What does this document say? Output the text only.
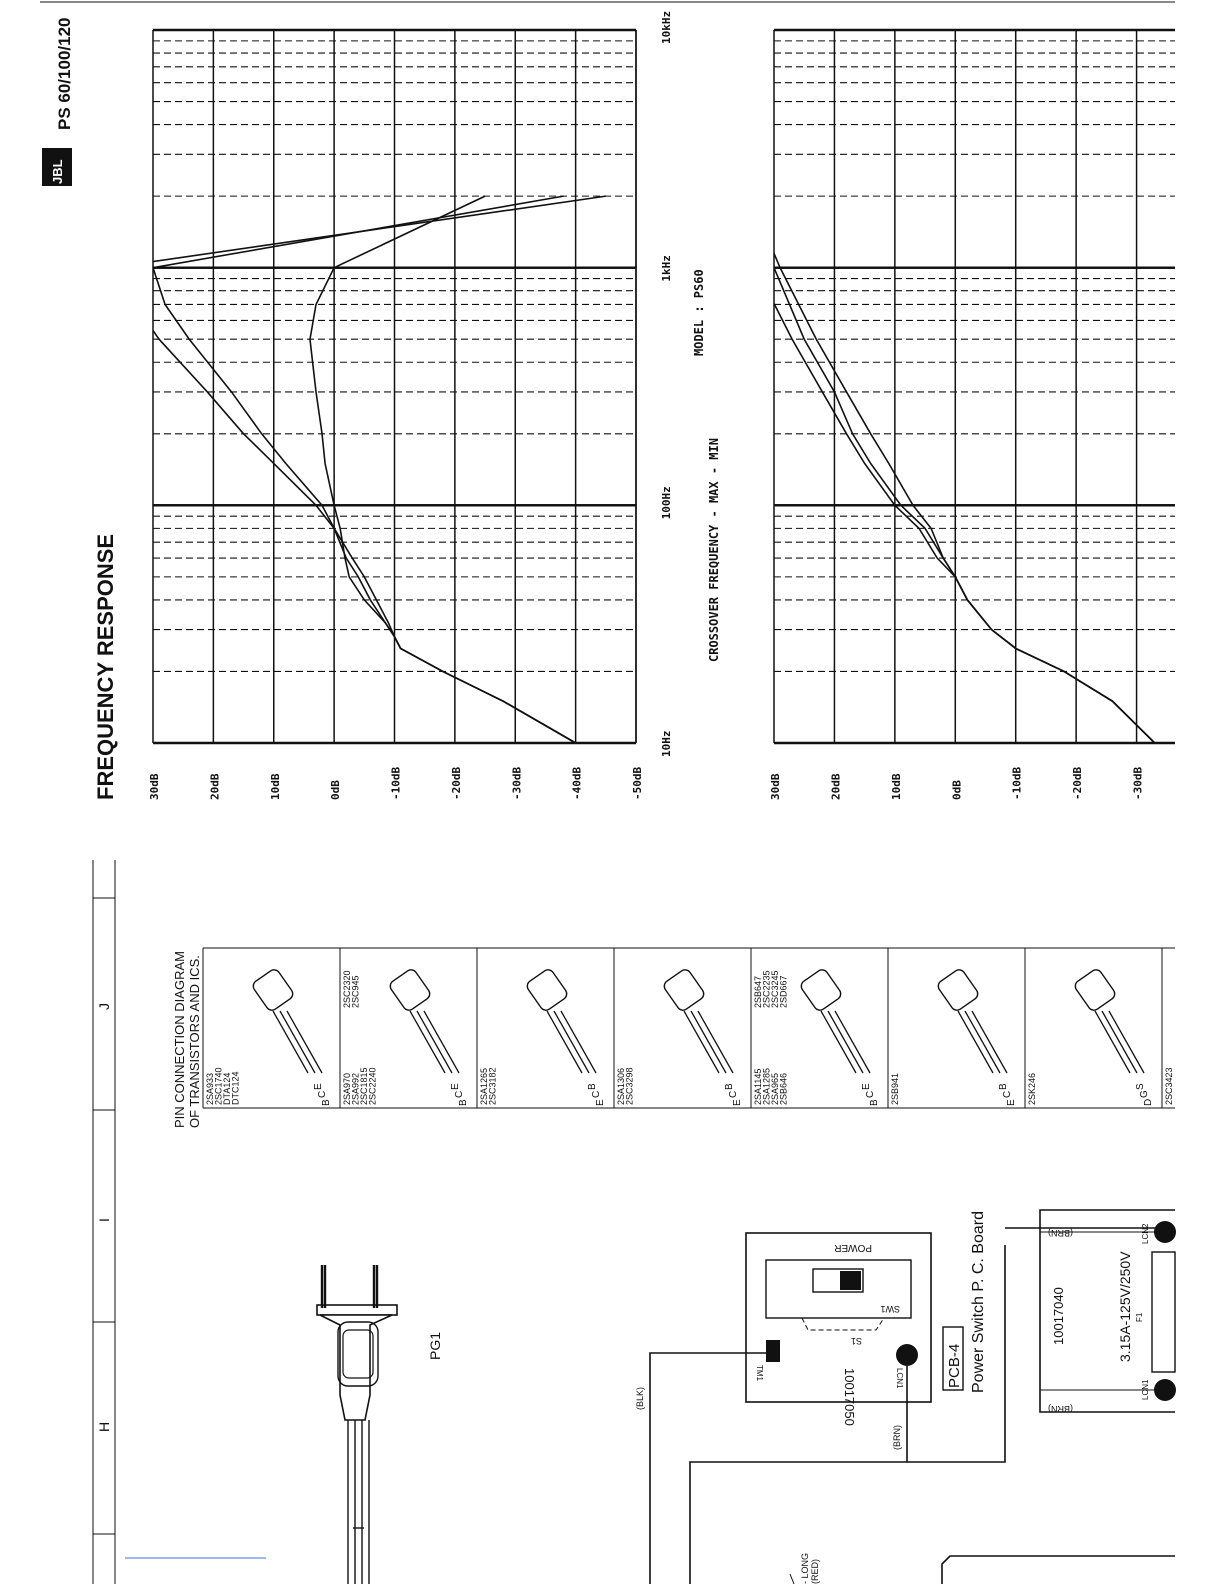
JBL
PS 60/100/120
FREQUENCY RESPONSE	30dB	20dB	10dB	0dB	-10dB	-20dB	-30dB	-40dB	-50dB
10Hz
100Hz
1kHz
10kHz
CROSSOVER FREQUENCY - MAX - MIN
MODEL : PS60
30dB	20dB	10dB	0dB	-10dB	-20dB	-30dB
J
I
H
PIN CONNECTION DIAGRAM OF TRANSISTORS AND ICS. 2SA933
2SC1740
DTA124
DTC124	E
C
B 2SA970
2SA992
2SC1815
2SC2240
2SC2320
2SC945
E
C
B 2SA1265
2SC3182	B
C
E 2SA1306
2SC3298	B
C
E 2SA1145
2SA1285
2SA965
2SB646
2SB647
2SC2235
2SC3245
2SD667
E
C
B 2SB941	B
C
E 2SK246	S
G
D 2SC3423
PG1
POWER
SW1
S1
TM1	10017050	LCN1	PCB-4 Power Switch P. C. Board
(BLK)
(BRN)
10017040	3.15A-125V/250V F1
(BRN)
(BRN)
LCN1
LCN2
- LONG (RED)
